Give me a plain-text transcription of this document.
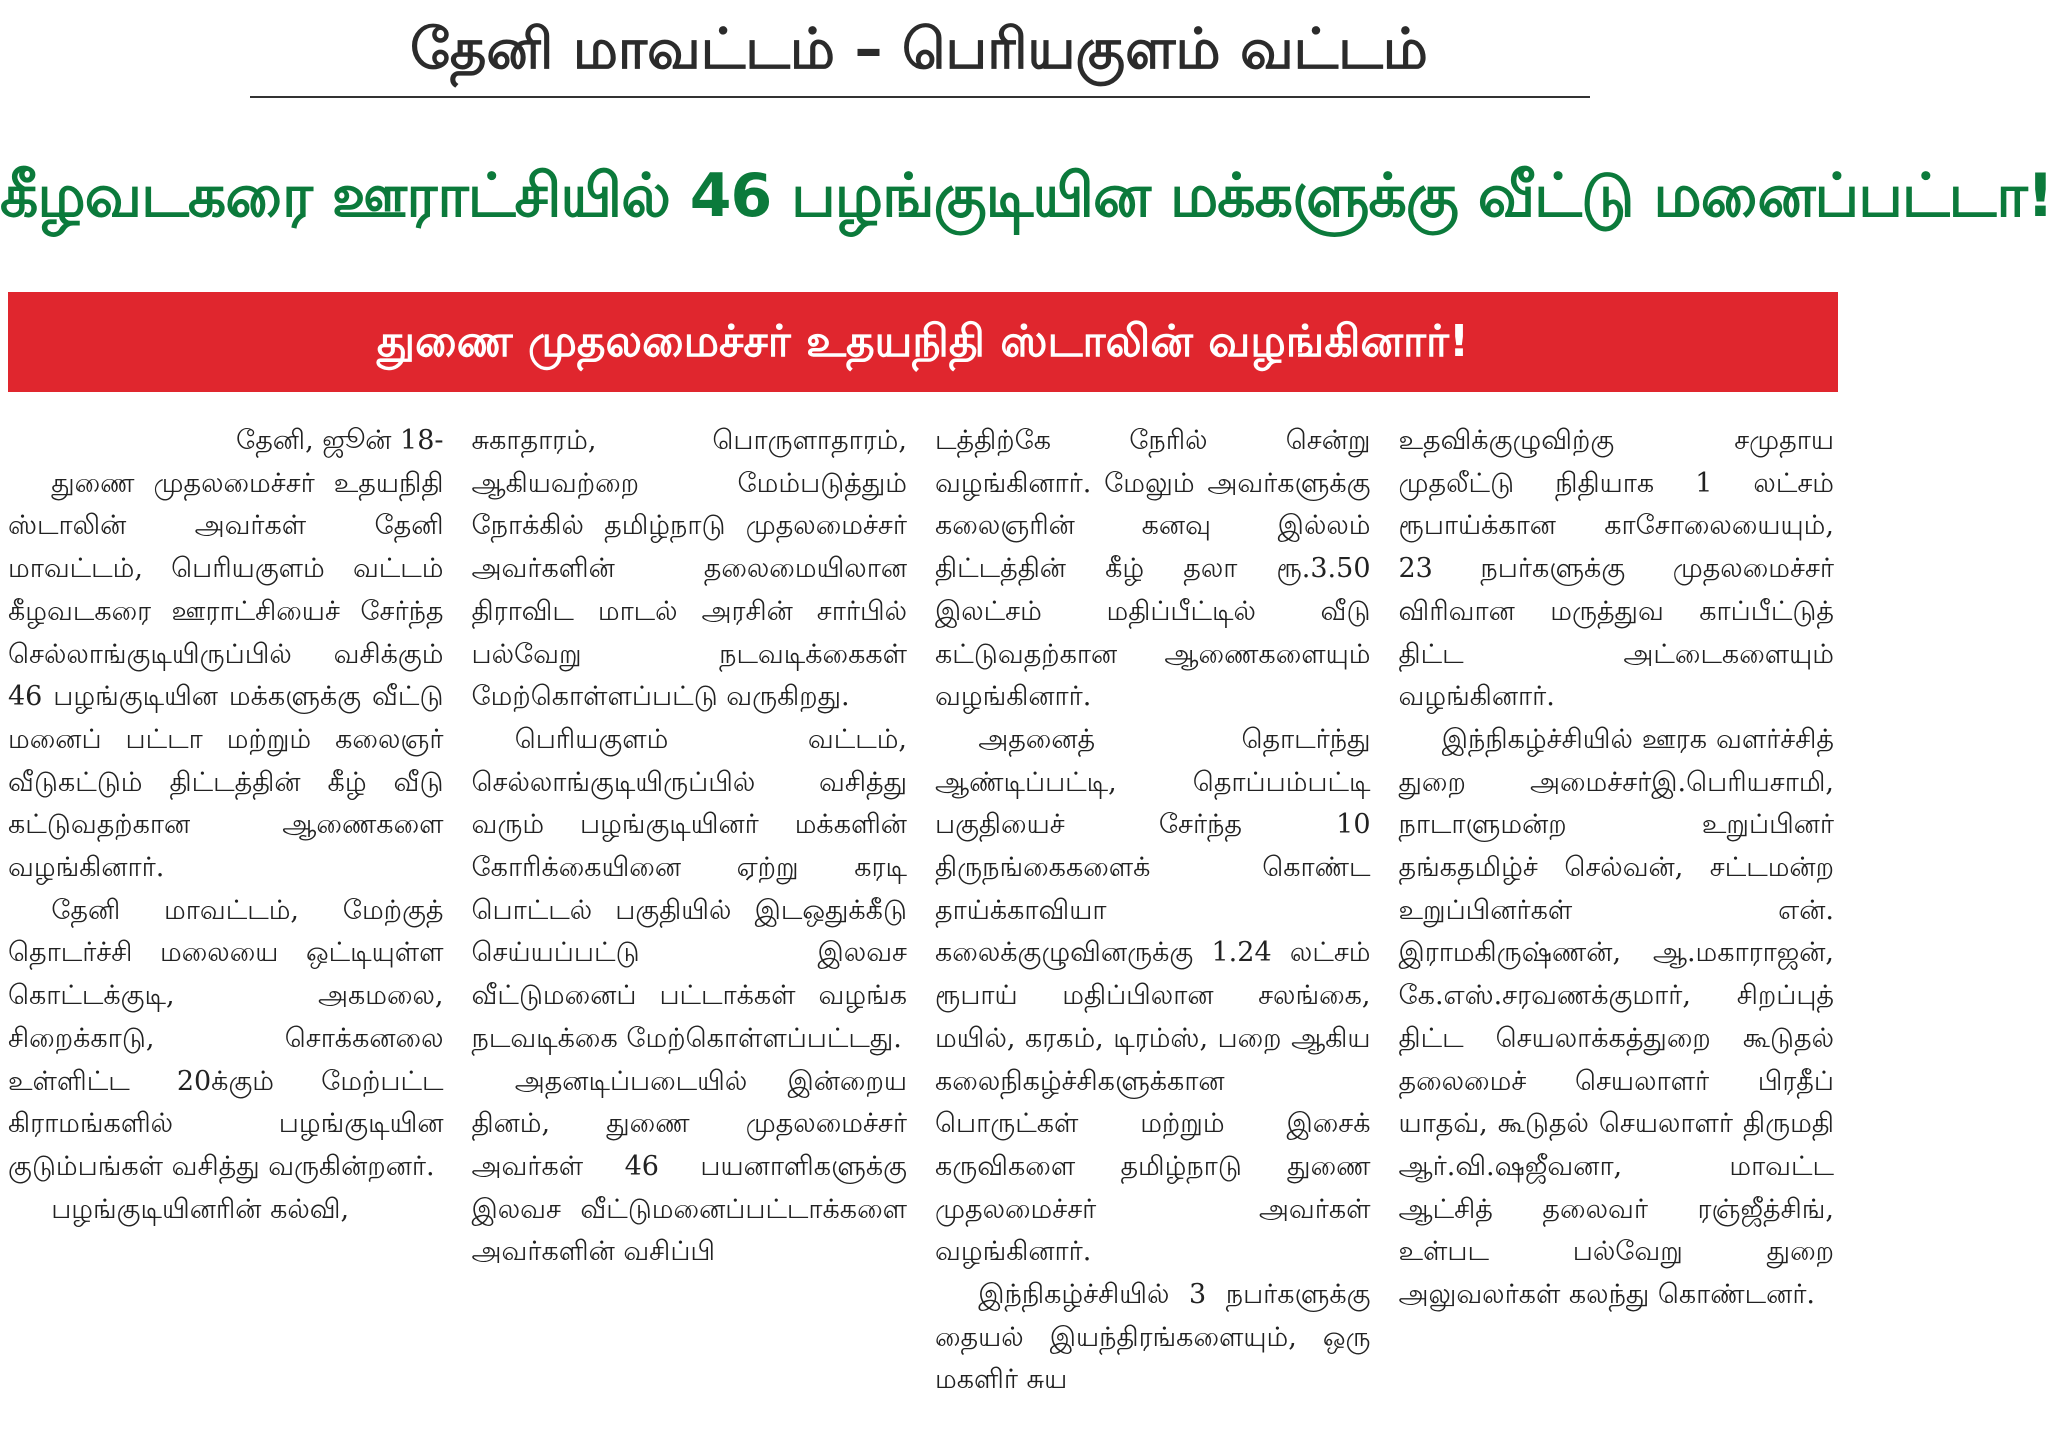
தேனி மாவட்டம் – பெரியகுளம் வட்டம்
கீழவடகரை ஊராட்சியில் 46 பழங்குடியின மக்களுக்கு வீட்டு மனைப்பட்டா!
துணை முதலமைச்சர் உதயநிதி ஸ்டாலின் வழங்கினார்!

தேனி, ஜூன் 18-

துணை முதலமைச்சர் உதயநிதி ஸ்டாலின் அவர்கள் தேனி மாவட்டம், பெரியகுளம் வட்டம் கீழவடகரை ஊராட்சியைச் சேர்ந்த செல்லாங்குடியிருப்பில் வசிக்கும் 46 பழங்குடியின மக்களுக்கு வீட்டு மனைப் பட்டா மற்றும் கலைஞர் வீடுகட்டும் திட்டத்தின் கீழ் வீடு கட்டுவதற்கான ஆணைகளை வழங்கினார்.

தேனி மாவட்டம், மேற்குத் தொடர்ச்சி மலையை ஒட்டியுள்ள கொட்டக்குடி, அகமலை, சிறைக்காடு, சொக்கனலை உள்ளிட்ட 20க்கும் மேற்பட்ட கிராமங்களில் பழங்குடியின குடும்பங்கள் வசித்து வருகின்றனர்.

பழங்குடியினரின் கல்வி,

சுகாதாரம், பொருளாதாரம், ஆகியவற்றை மேம்படுத்தும் நோக்கில் தமிழ்நாடு முதலமைச்சர் அவர்களின் தலைமையிலான திராவிட மாடல் அரசின் சார்பில் பல்வேறு நடவடிக்கைகள் மேற்கொள்ளப்பட்டு வருகிறது.

பெரியகுளம் வட்டம், செல்லாங்குடியிருப்பில் வசித்து வரும் பழங்குடியினர் மக்களின் கோரிக்கையினை ஏற்று கரடி பொட்டல் பகுதியில் இடஒதுக்கீடு செய்யப்பட்டு இலவச வீட்டுமனைப் பட்டாக்கள் வழங்க நடவடிக்கை மேற்கொள்ளப்பட்டது.

அதனடிப்படையில் இன்றைய தினம், துணை முதலமைச்சர் அவர்கள் 46 பயனாளிகளுக்கு இலவச வீட்டுமனைப்பட்டாக்களை அவர்களின் வசிப்பி

டத்திற்கே நேரில் சென்று வழங்கினார். மேலும் அவர்களுக்கு கலைஞரின் கனவு இல்லம் திட்டத்தின் கீழ் தலா ரூ.3.50 இலட்சம் மதிப்பீட்டில் வீடு கட்டுவதற்கான ஆணைகளையும் வழங்கினார்.

அதனைத் தொடர்ந்து ஆண்டிப்பட்டி, தொப்பம்பட்டி பகுதியைச் சேர்ந்த 10 திருநங்கைகளைக் கொண்ட தாய்க்காவியா கலைக்குழுவினருக்கு 1.24 லட்சம் ரூபாய் மதிப்பிலான சலங்கை, மயில், கரகம், டிரம்ஸ், பறை ஆகிய கலைநிகழ்ச்சிகளுக்கான பொருட்கள் மற்றும் இசைக் கருவிகளை தமிழ்நாடு துணை முதலமைச்சர் அவர்கள் வழங்கினார்.

இந்நிகழ்ச்சியில் 3 நபர்களுக்கு தையல் இயந்திரங்களையும், ஒரு மகளிர் சுய

உதவிக்குழுவிற்கு சமுதாய முதலீட்டு நிதியாக 1 லட்சம் ரூபாய்க்கான காசோலையையும், 23 நபர்களுக்கு முதலமைச்சர் விரிவான மருத்துவ காப்பீட்டுத் திட்ட அட்டைகளையும் வழங்கினார்.

இந்நிகழ்ச்சியில் ஊரக வளர்ச்சித் துறை அமைச்சர்இ.பெரியசாமி, நாடாளுமன்ற உறுப்பினர் தங்கதமிழ்ச் செல்வன், சட்டமன்ற உறுப்பினர்கள் என். இராமகிருஷ்ணன், ஆ.மகாராஜன், கே.எஸ்.சரவணக்குமார், சிறப்புத் திட்ட செயலாக்கத்துறை கூடுதல் தலைமைச் செயலாளர் பிரதீப் யாதவ், கூடுதல் செயலாளர் திருமதி ஆர்.வி.ஷஜீவனா, மாவட்ட ஆட்சித் தலைவர் ரஞ்ஜீத்சிங், உள்பட பல்வேறு துறை அலுவலர்கள் கலந்து கொண்டனர்.
